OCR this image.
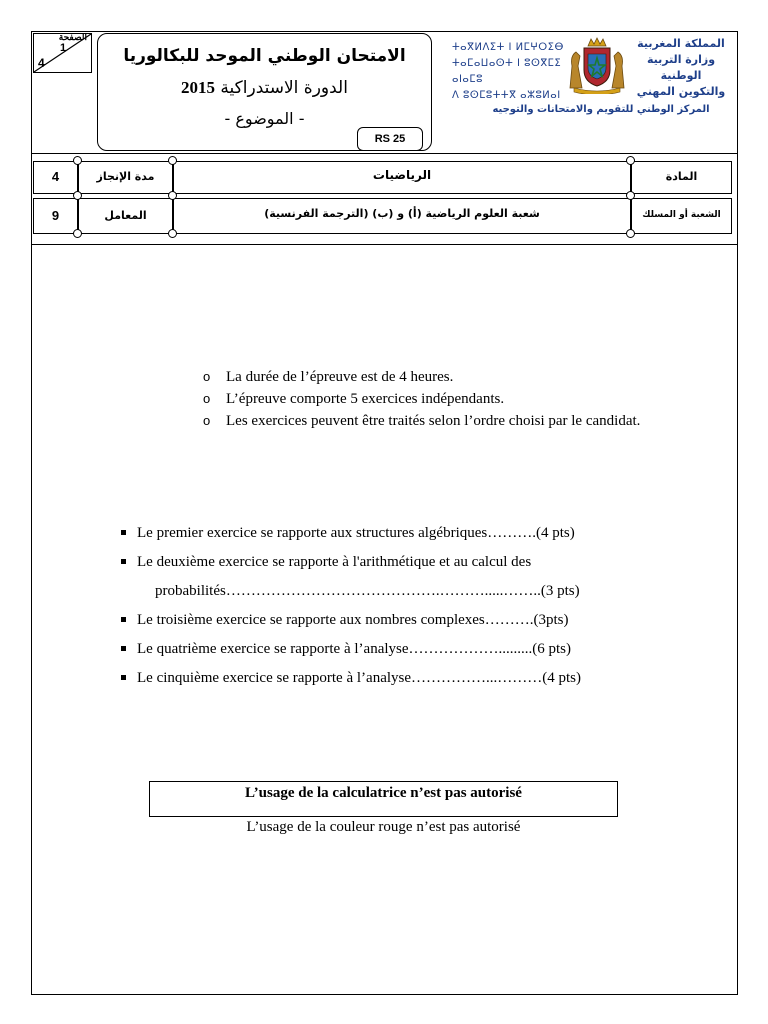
الصفحة
1
4	الامتحان الوطني الموحد للبكالوريا
الدورة الاستدراكية 2015
- الموضوع -
RS 25
ⵜⴰⴳⵍⴷⵉⵜ ⵏ ⵍⵎⵖⵔⵉⴱ
ⵜⴰⵎⴰⵡⴰⵙⵜ ⵏ ⵓⵙⴳⵎⵉ ⴰⵏⴰⵎⵓ
ⴷ ⵓⵙⵎⵓⵜⵜⴳ ⴰⵣⵓⵍⴰⵏ
المملكة المغربية
وزارة التربية الوطنية
والتكوين المهني
المركز الوطني للتقويم والامتحانات والتوجيه
4	مدة الإنجاز	الرياضيات	المادة
9	المعامل	شعبة العلوم الرياضية (أ) و (ب) (الترجمة الفرنسية)	الشعبة أو المسلك
o La durée de l’épreuve est de 4 heures.
o L’épreuve comporte 5 exercices indépendants.
o Les exercices peuvent être traités selon l’ordre choisi par le candidat.
Le premier exercice se rapporte aux structures algébriques……….(4 pts)
Le deuxième exercice se rapporte à l'arithmétique et au calcul des
probabilités…………………………………….……….....……..(3 pts)
Le troisième exercice se rapporte aux nombres complexes……….(3pts)
Le quatrième exercice se rapporte à l’analyse……………….........(6 pts)
Le cinquième exercice se rapporte à l’analyse……………...………(4 pts)
L’usage de la calculatrice n’est pas autorisé
L’usage de la couleur rouge n’est pas autorisé
